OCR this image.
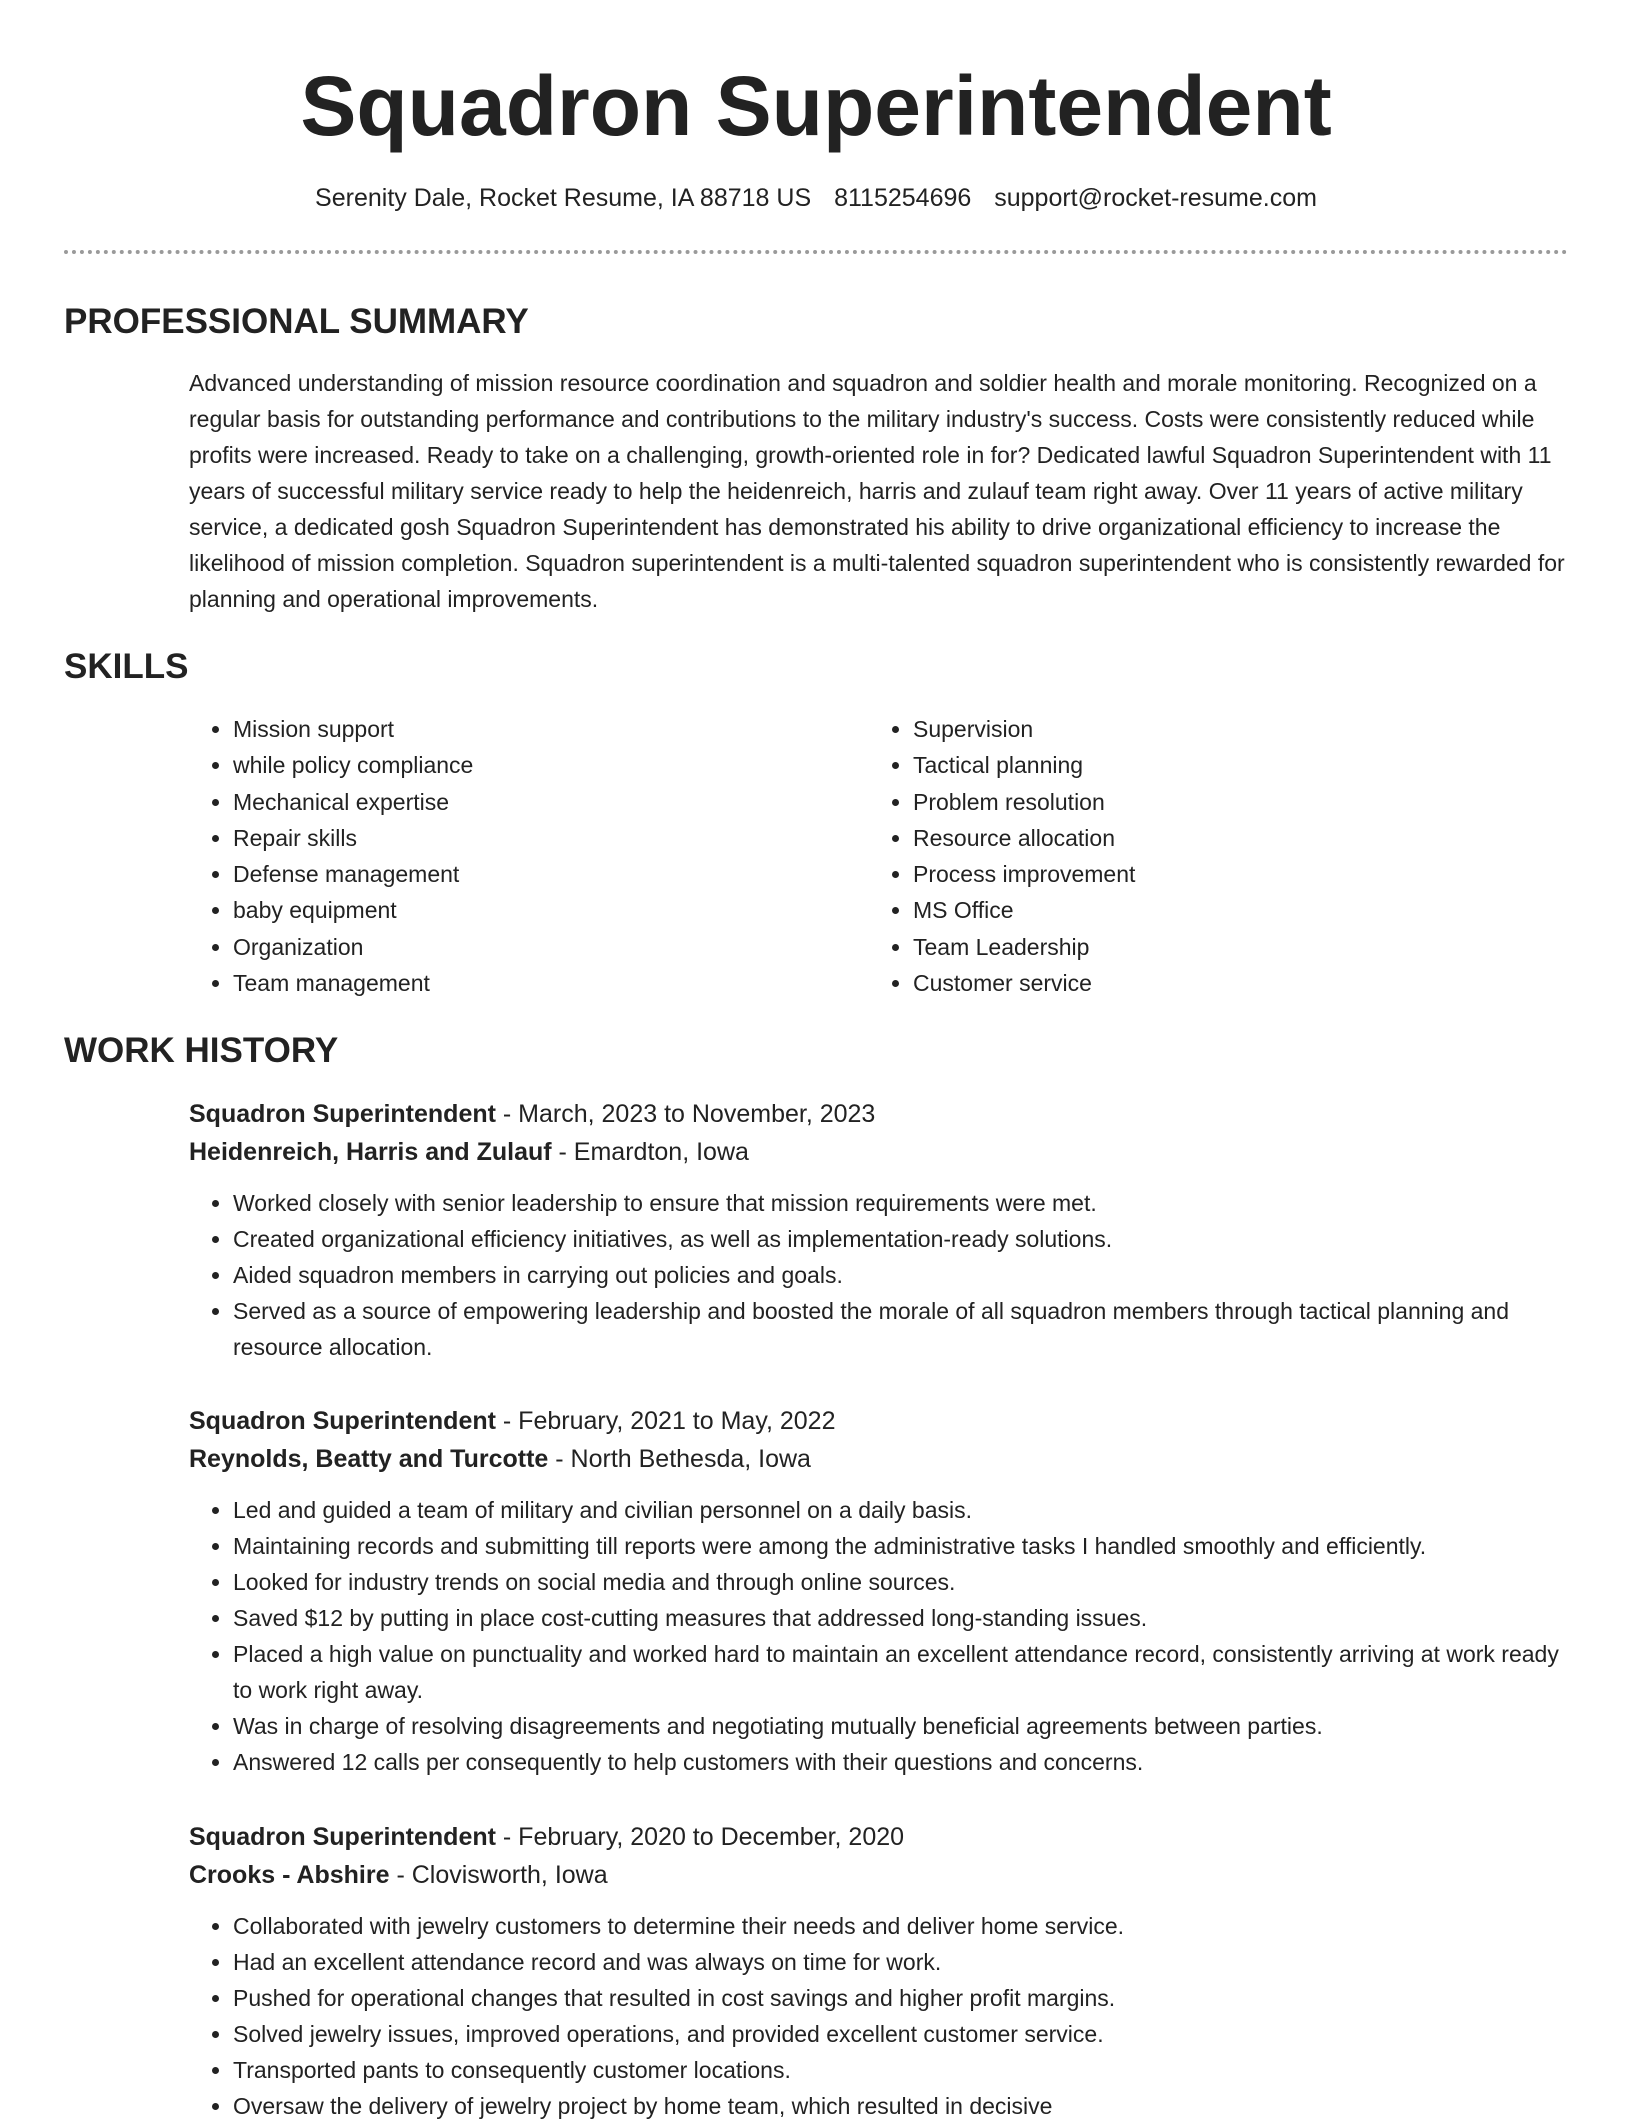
Squadron Superintendent
Serenity Dale, Rocket Resume, IA 88718 US 8115254696 support@rocket-resume.com
PROFESSIONAL SUMMARY

Advanced understanding of mission resource coordination and squadron and soldier health and morale monitoring. Recognized on a regular basis for outstanding performance and contributions to the military industry's success. Costs were consistently reduced while profits were increased. Ready to take on a challenging, growth-oriented role in for? Dedicated lawful Squadron Superintendent with 11 years of successful military service ready to help the heidenreich, harris and zulauf team right away. Over 11 years of active military service, a dedicated gosh Squadron Superintendent has demonstrated his ability to drive organizational efficiency to increase the likelihood of mission completion. Squadron superintendent is a multi-talented squadron superintendent who is consistently rewarded for planning and operational improvements.

SKILLS
• Mission support
• while policy compliance
• Mechanical expertise
• Repair skills
• Defense management
• baby equipment
• Organization
• Team management
• Supervision
• Tactical planning
• Problem resolution
• Resource allocation
• Process improvement
• MS Office
• Team Leadership
• Customer service
WORK HISTORY

Squadron Superintendent - March, 2023 to November, 2023

Heidenreich, Harris and Zulauf - Emardton, Iowa

• Worked closely with senior leadership to ensure that mission requirements were met.
• Created organizational efficiency initiatives, as well as implementation-ready solutions.
• Aided squadron members in carrying out policies and goals.
• Served as a source of empowering leadership and boosted the morale of all squadron members through tactical planning and resource allocation.

Squadron Superintendent - February, 2021 to May, 2022

Reynolds, Beatty and Turcotte - North Bethesda, Iowa

• Led and guided a team of military and civilian personnel on a daily basis.
• Maintaining records and submitting till reports were among the administrative tasks I handled smoothly and efficiently.
• Looked for industry trends on social media and through online sources.
• Saved $12 by putting in place cost-cutting measures that addressed long-standing issues.
• Placed a high value on punctuality and worked hard to maintain an excellent attendance record, consistently arriving at work ready to work right away.
• Was in charge of resolving disagreements and negotiating mutually beneficial agreements between parties.
• Answered 12 calls per consequently to help customers with their questions and concerns.

Squadron Superintendent - February, 2020 to December, 2020

Crooks - Abshire - Clovisworth, Iowa

• Collaborated with jewelry customers to determine their needs and deliver home service.
• Had an excellent attendance record and was always on time for work.
• Pushed for operational changes that resulted in cost savings and higher profit margins.
• Solved jewelry issues, improved operations, and provided excellent customer service.
• Transported pants to consequently customer locations.
• Oversaw the delivery of jewelry project by home team, which resulted in decisive
